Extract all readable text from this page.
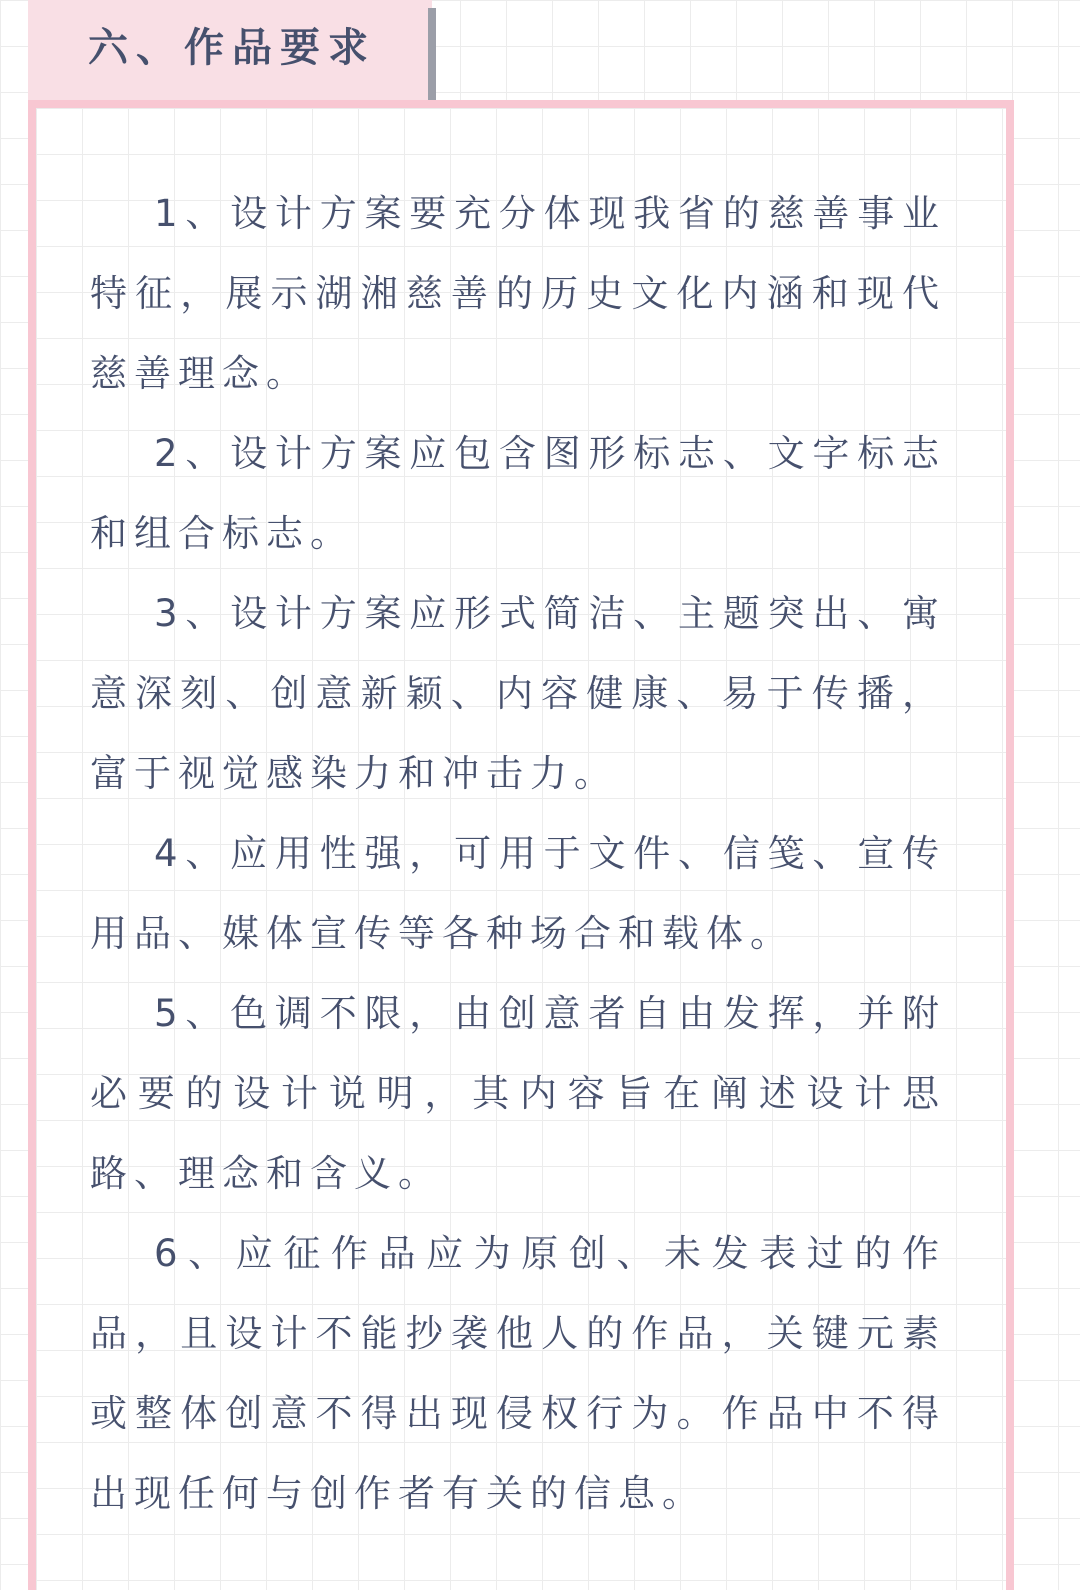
六、作品要求
1、设计方案要充分体现我省的慈善事业特征，展示湖湘慈善的历史文化内涵和现代慈善理念。
2、设计方案应包含图形标志、文字标志和组合标志。
3、设计方案应形式简洁、主题突出、寓意深刻、创意新颖、内容健康、易于传播，富于视觉感染力和冲击力。
4、应用性强，可用于文件、信笺、宣传用品、媒体宣传等各种场合和载体。
5、色调不限，由创意者自由发挥，并附必要的设计说明，其内容旨在阐述设计思路、理念和含义。
6、应征作品应为原创、未发表过的作品，且设计不能抄袭他人的作品，关键元素或整体创意不得出现侵权行为。作品中不得出现任何与创作者有关的信息。
